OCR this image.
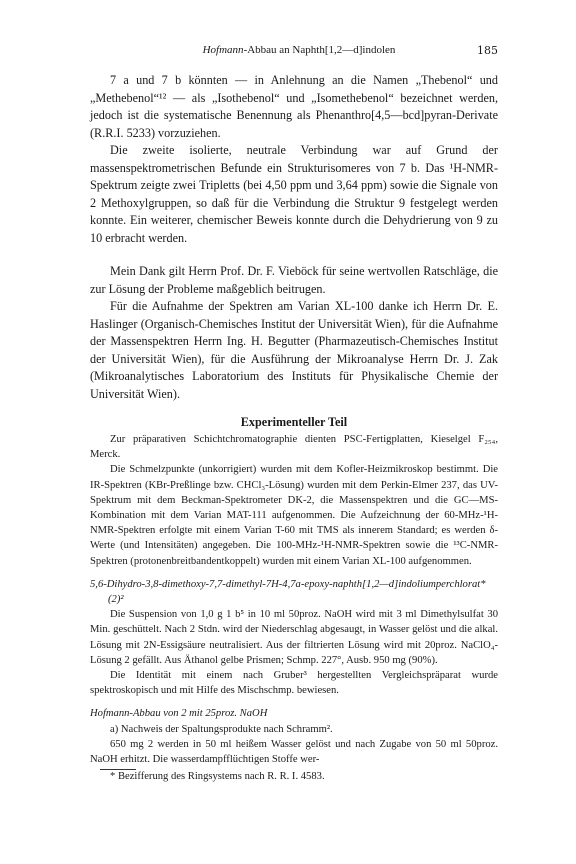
Hofmann-Abbau an Naphth[1,2—d]indolen	185

7 a und 7 b könnten — in Anlehnung an die Namen „Thebenol“ und „Methebenol“¹² — als „Isothebenol“ und „Isomethebenol“ bezeichnet werden, jedoch ist die systematische Benennung als Phenanthro[4,5—bcd]pyran-Derivate (R.R.I. 5233) vorzuziehen.

Die zweite isolierte, neutrale Verbindung war auf Grund der massenspektrometrischen Befunde ein Strukturisomeres von 7 b. Das ¹H-NMR-Spektrum zeigte zwei Tripletts (bei 4,50 ppm und 3,64 ppm) sowie die Signale von 2 Methoxylgruppen, so daß für die Verbindung die Struktur 9 festgelegt werden konnte. Ein weiterer, chemischer Beweis konnte durch die Dehydrierung von 9 zu 10 erbracht werden.

Mein Dank gilt Herrn Prof. Dr. F. Vieböck für seine wertvollen Ratschläge, die zur Lösung der Probleme maßgeblich beitrugen.

Für die Aufnahme der Spektren am Varian XL-100 danke ich Herrn Dr. E. Haslinger (Organisch-Chemisches Institut der Universität Wien), für die Aufnahme der Massenspektren Herrn Ing. H. Begutter (Pharmazeutisch-Chemisches Institut der Universität Wien), für die Ausführung der Mikroanalyse Herrn Dr. J. Zak (Mikroanalytisches Laboratorium des Instituts für Physikalische Chemie der Universität Wien).

Experimenteller Teil

Zur präparativen Schichtchromatographie dienten PSC-Fertigplatten, Kieselgel F₂₅₄, Merck.

Die Schmelzpunkte (unkorrigiert) wurden mit dem Kofler-Heizmikroskop bestimmt. Die IR-Spektren (KBr-Preßlinge bzw. CHCl₃-Lösung) wurden mit dem Perkin-Elmer 237, das UV-Spektrum mit dem Beckman-Spektrometer DK-2, die Massenspektren und die GC—MS-Kombination mit dem Varian MAT-111 aufgenommen. Die Aufzeichnung der 60-MHz-¹H-NMR-Spektren erfolgte mit einem Varian T-60 mit TMS als innerem Standard; es werden δ-Werte (und Intensitäten) angegeben. Die 100-MHz-¹H-NMR-Spektren sowie die ¹³C-NMR-Spektren (protonenbreitbandentkoppelt) wurden mit einem Varian XL-100 aufgenommen.

5,6-Dihydro-3,8-dimethoxy-7,7-dimethyl-7H-4,7a-epoxy-naphth[1,2—d]indoliumperchlorat* (2)²

Die Suspension von 1,0 g 1 b⁵ in 10 ml 50proz. NaOH wird mit 3 ml Dimethylsulfat 30 Min. geschüttelt. Nach 2 Stdn. wird der Niederschlag abgesaugt, in Wasser gelöst und die alkal. Lösung mit 2N-Essigsäure neutralisiert. Aus der filtrierten Lösung wird mit 20proz. NaClO₄-Lösung 2 gefällt. Aus Äthanol gelbe Prismen; Schmp. 227°, Ausb. 950 mg (90%).

Die Identität mit einem nach Gruber³ hergestellten Vergleichspräparat wurde spektroskopisch und mit Hilfe des Mischschmp. bewiesen.

Hofmann-Abbau von 2 mit 25proz. NaOH

a) Nachweis der Spaltungsprodukte nach Schramm².

650 mg 2 werden in 50 ml heißem Wasser gelöst und nach Zugabe von 50 ml 50proz. NaOH erhitzt. Die wasserdampfflüchtigen Stoffe wer-

* Bezifferung des Ringsystems nach R. R. I. 4583.
